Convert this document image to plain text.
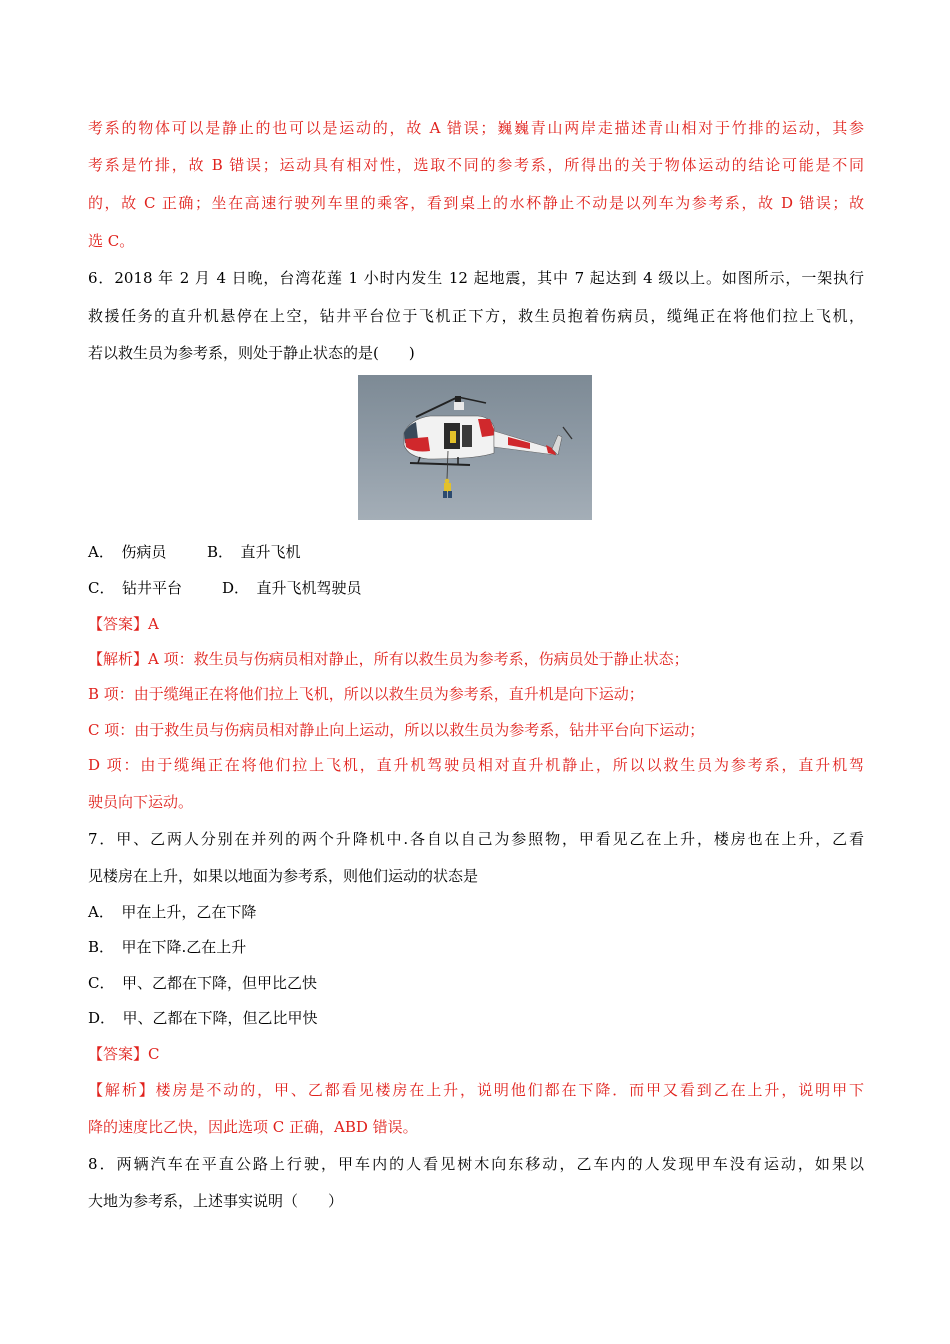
考系的物体可以是静止的也可以是运动的，故 A 错误；巍巍青山两岸走描述青山相对于竹排的运动，其参
考系是竹排，故 B 错误；运动具有相对性，选取不同的参考系，所得出的关于物体运动的结论可能是不同
的，故 C 正确；坐在高速行驶列车里的乘客，看到桌上的水杯静止不动是以列车为参考系，故 D 错误；故
选 C。
6．2018 年 2 月 4 日晚，台湾花莲 1 小时内发生 12 起地震，其中 7 起达到 4 级以上。如图所示，一架执行
救援任务的直升机悬停在上空，钻井平台位于飞机正下方，救生员抱着伤病员，缆绳正在将他们拉上飞机，
若以救生员为参考系，则处于静止状态的是(　　)
A．　伤病员	B．　直升飞机
C．　钻井平台	D．　直升飞机驾驶员
【答案】A
【解析】A 项：救生员与伤病员相对静止，所有以救生员为参考系，伤病员处于静止状态；
B 项：由于缆绳正在将他们拉上飞机，所以以救生员为参考系，直升机是向下运动；
C 项：由于救生员与伤病员相对静止向上运动，所以以救生员为参考系，钻井平台向下运动；
D 项：由于缆绳正在将他们拉上飞机，直升机驾驶员相对直升机静止，所以以救生员为参考系，直升机驾
驶员向下运动。
7．甲、乙两人分别在并列的两个升降机中.各自以自己为参照物，甲看见乙在上升，楼房也在上升，乙看
见楼房在上升，如果以地面为参考系，则他们运动的状态是
A．　甲在上升，乙在下降
B．　甲在下降.乙在上升
C．　甲、乙都在下降，但甲比乙快
D．　甲、乙都在下降，但乙比甲快
【答案】C
【解析】楼房是不动的，甲、乙都看见楼房在上升，说明他们都在下降．而甲又看到乙在上升，说明甲下
降的速度比乙快，因此选项 C 正确，ABD 错误。
8．两辆汽车在平直公路上行驶，甲车内的人看见树木向东移动，乙车内的人发现甲车没有运动，如果以
大地为参考系，上述事实说明（　　）
